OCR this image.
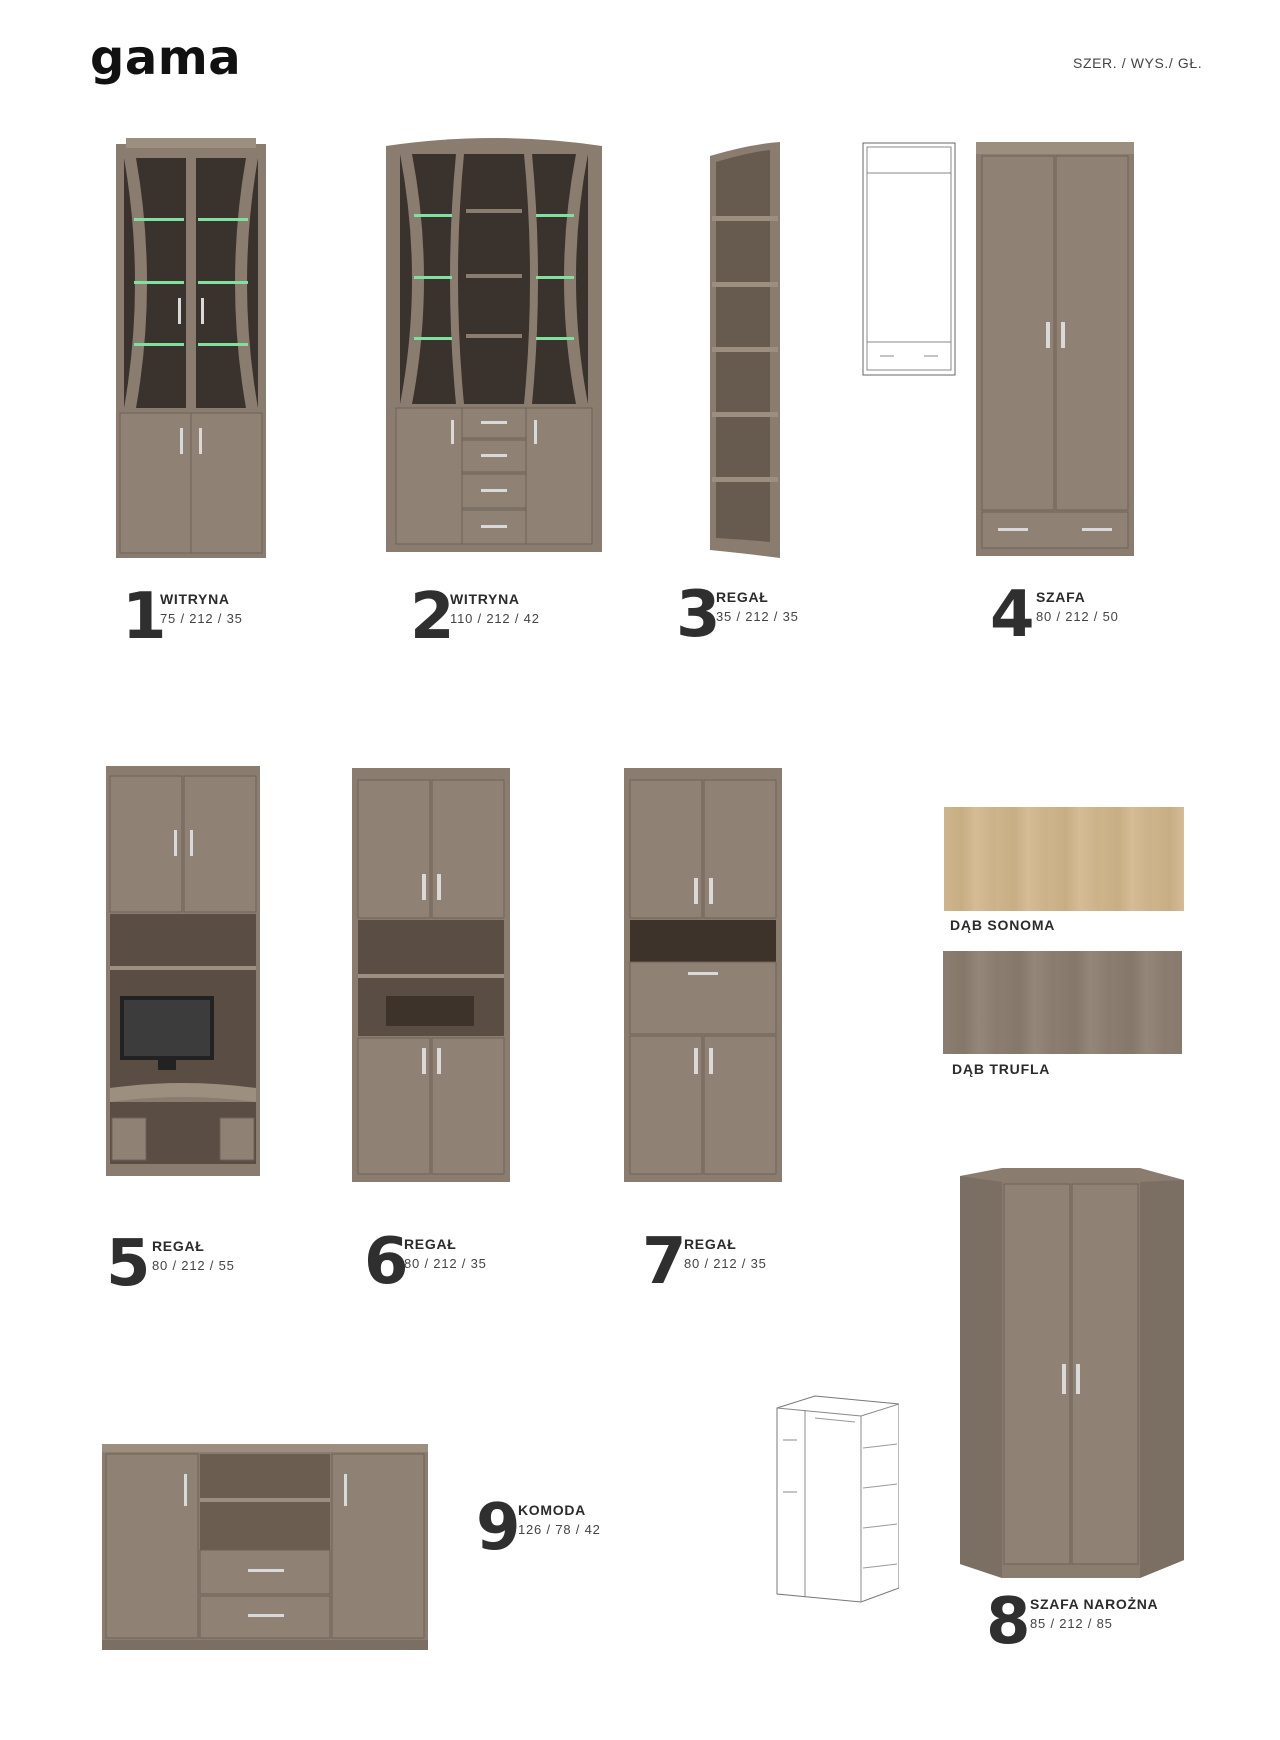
gama	SZER. / WYS./ GŁ.
1
WITRYNA
75 / 212 / 35	2
WITRYNA
110 / 212 / 42 3
REGAŁ
35 / 212 / 35	4 SZAFA
80 / 212 / 50
5 REGAŁ
80 / 212 / 55 6
REGAŁ
80 / 212 / 35 7
REGAŁ
80 / 212 / 35
DĄB SONOMA
DĄB TRUFLA
8 SZAFA NAROŻNA
85 / 212 / 85
9
KOMODA
126 / 78 / 42
